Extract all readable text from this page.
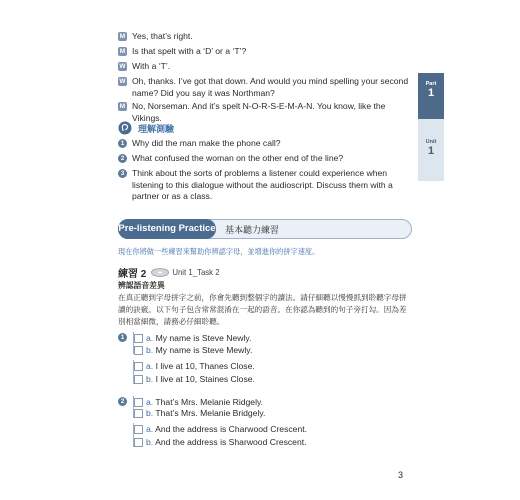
M Yes, that’s right.
M Is that spelt with a ‘D’ or a ‘T’?
W With a ‘T’.
W Oh, thanks. I’ve got that down. And would you mind spelling your second name? Did you say it was Northman?
M No, Norseman. And it’s spelt N-O-R-S-E-M-A-N. You know, like the Vikings.
理解測驗
1 Why did the man make the phone call?
2 What confused the woman on the other end of the line?
3 Think about the sorts of problems a listener could experience when listening to this dialogue without the audioscript. Discuss them with a partner or as a class.
Part
1
Unit
1
Pre-listening Practice 基本聽力練習
現在你將做一些練習來幫助你辨認字母，並增進你的拼字速度。
練習 2	Unit 1_Task 2
辨認語音差異
在真正聽到字母拼字之前，你會先聽到整個字的讀法。請仔細聽以慢慢抓到聆聽字母拼讀的訣竅。以下句子包含常常混淆在一起的語音。在你認為聽到的句子旁打勾。因為差別相當細微，請務必仔細聆聽。
1	a. My name is Steve Newly.
b. My name is Steve Mewly.
a. I live at 10, Thanes Close.
b. I live at 10, Staines Close.
2	a. That’s Mrs. Melanie Ridgely.
b. That’s Mrs. Melanie Bridgely.
a. And the address is Charwood Crescent.
b. And the address is Sharwood Crescent.
3
